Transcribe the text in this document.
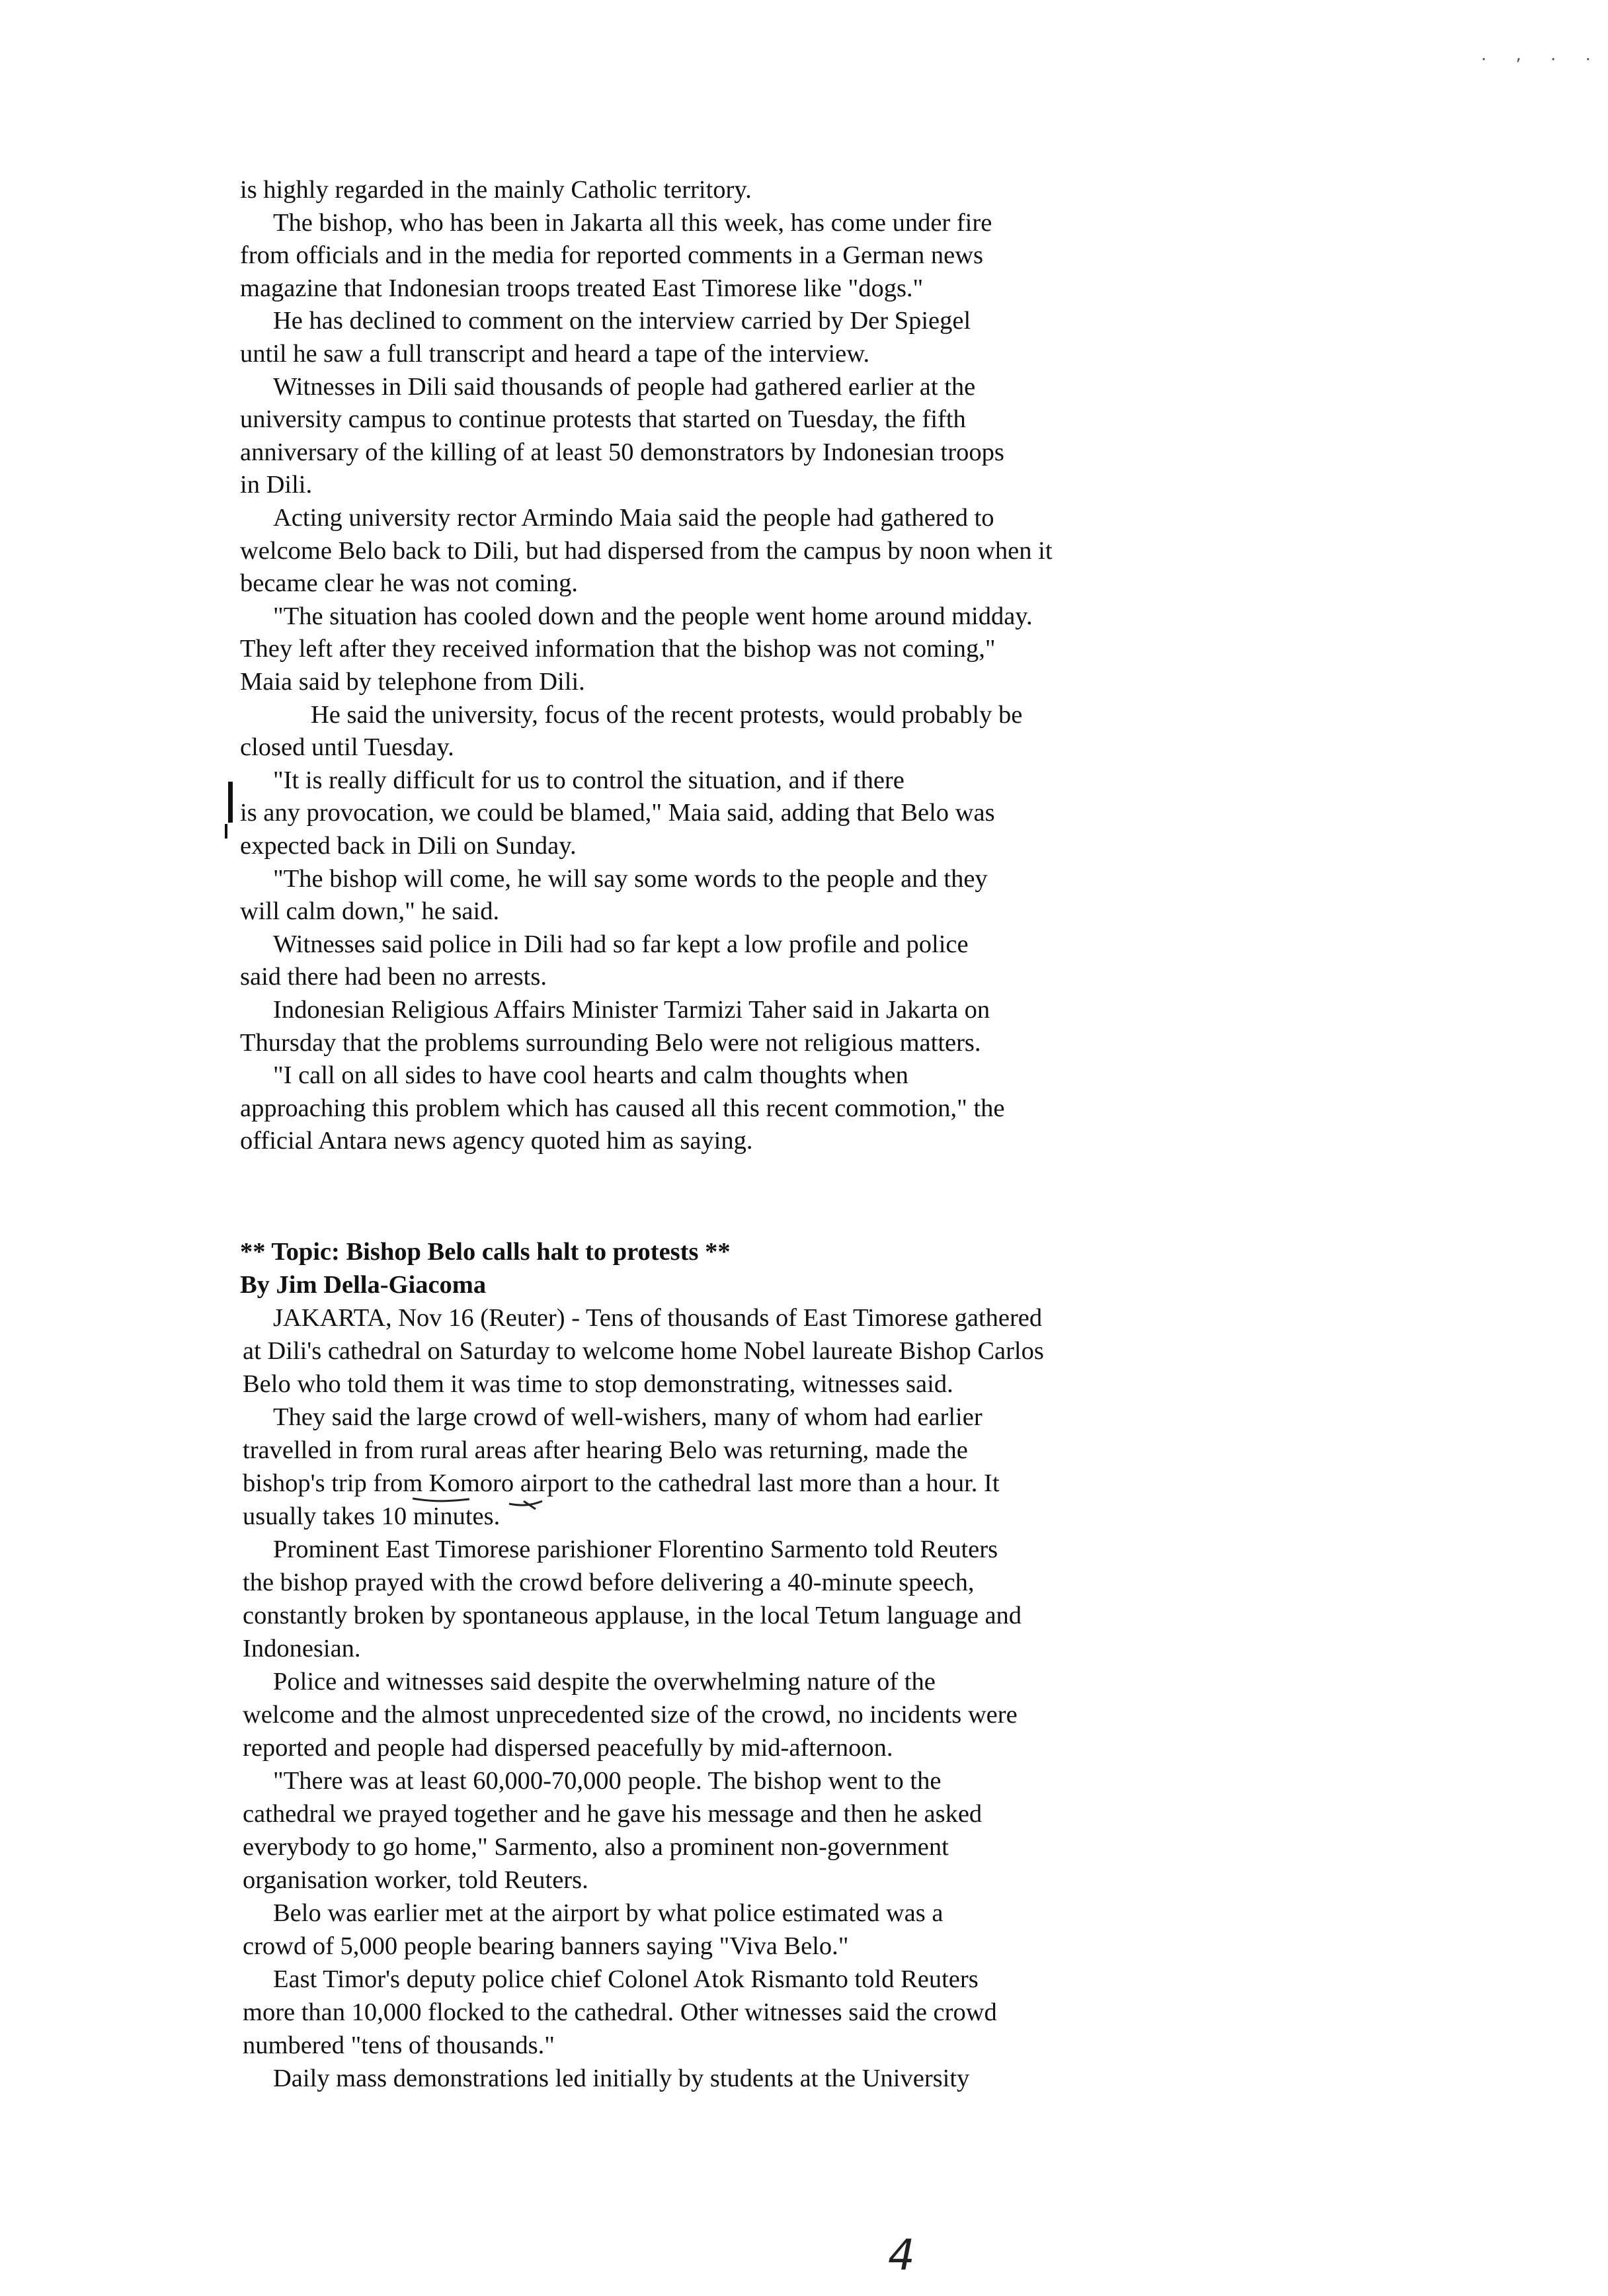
. , . .
is highly regarded in the mainly Catholic territory.
The bishop, who has been in Jakarta all this week, has come under fire
from officials and in the media for reported comments in a German news
magazine that Indonesian troops treated East Timorese like "dogs."
He has declined to comment on the interview carried by Der Spiegel
until he saw a full transcript and heard a tape of the interview.
Witnesses in Dili said thousands of people had gathered earlier at the
university campus to continue protests that started on Tuesday, the fifth
anniversary of the killing of at least 50 demonstrators by Indonesian troops
in Dili.
Acting university rector Armindo Maia said the people had gathered to
welcome Belo back to Dili, but had dispersed from the campus by noon when it
became clear he was not coming.
"The situation has cooled down and the people went home around midday.
They left after they received information that the bishop was not coming,"
Maia said by telephone from Dili.
He said the university, focus of the recent protests, would probably be
closed until Tuesday.
"It is really difficult for us to control the situation, and if there
is any provocation, we could be blamed," Maia said, adding that Belo was
expected back in Dili on Sunday.
"The bishop will come, he will say some words to the people and they
will calm down," he said.
Witnesses said police in Dili had so far kept a low profile and police
said there had been no arrests.
Indonesian Religious Affairs Minister Tarmizi Taher said in Jakarta on
Thursday that the problems surrounding Belo were not religious matters.
"I call on all sides to have cool hearts and calm thoughts when
approaching this problem which has caused all this recent commotion," the
official Antara news agency quoted him as saying.
** Topic: Bishop Belo calls halt to protests **
By Jim Della-Giacoma
JAKARTA, Nov 16 (Reuter) - Tens of thousands of East Timorese gathered
at Dili's cathedral on Saturday to welcome home Nobel laureate Bishop Carlos
Belo who told them it was time to stop demonstrating, witnesses said.
They said the large crowd of well-wishers, many of whom had earlier
travelled in from rural areas after hearing Belo was returning, made the
bishop's trip from Komoro airport to the cathedral last more than a hour. It
usually takes 10 minutes.
Prominent East Timorese parishioner Florentino Sarmento told Reuters
the bishop prayed with the crowd before delivering a 40-minute speech,
constantly broken by spontaneous applause, in the local Tetum language and
Indonesian.
Police and witnesses said despite the overwhelming nature of the
welcome and the almost unprecedented size of the crowd, no incidents were
reported and people had dispersed peacefully by mid-afternoon.
"There was at least 60,000-70,000 people. The bishop went to the
cathedral we prayed together and he gave his message and then he asked
everybody to go home," Sarmento, also a prominent non-government
organisation worker, told Reuters.
Belo was earlier met at the airport by what police estimated was a
crowd of 5,000 people bearing banners saying "Viva Belo."
East Timor's deputy police chief Colonel Atok Rismanto told Reuters
more than 10,000 flocked to the cathedral. Other witnesses said the crowd
numbered "tens of thousands."
Daily mass demonstrations led initially by students at the University
4
